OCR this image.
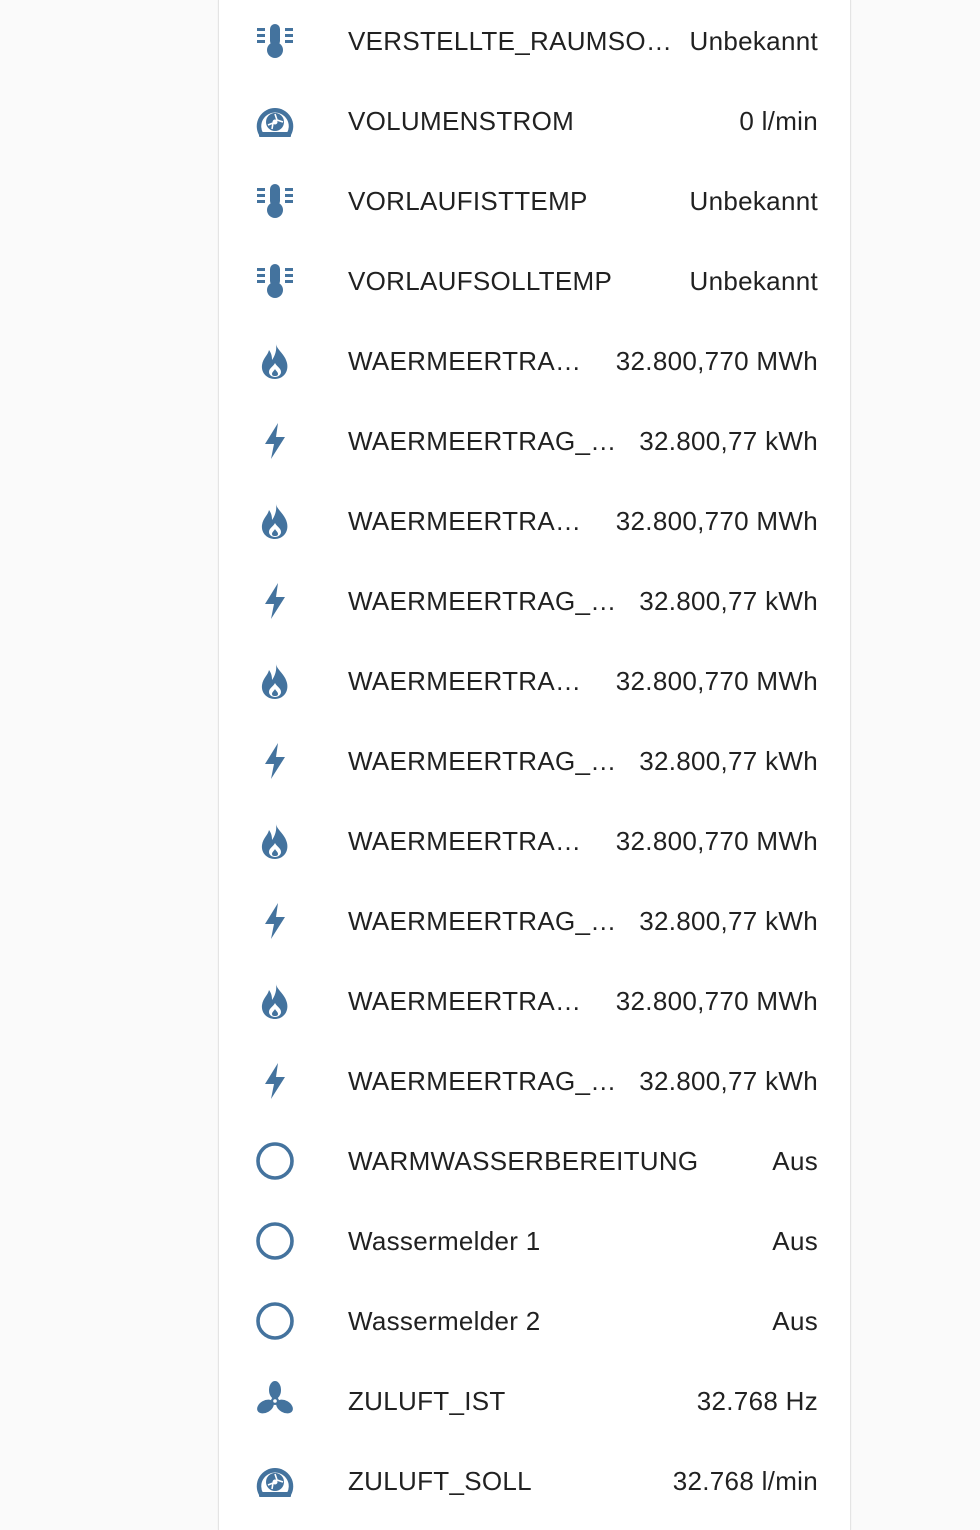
VERSTELLTE_RAUMSO… Unbekannt
VOLUMENSTROM	0 l/min
VORLAUFISTTEMP	Unbekannt
VORLAUFSOLLTEMP	Unbekannt
WAERMEERTRA… 32.800,770 MWh
WAERMEERTRAG_… 32.800,77 kWh
WAERMEERTRA… 32.800,770 MWh
WAERMEERTRAG_… 32.800,77 kWh
WAERMEERTRA… 32.800,770 MWh
WAERMEERTRAG_… 32.800,77 kWh
WAERMEERTRA… 32.800,770 MWh
WAERMEERTRAG_… 32.800,77 kWh
WAERMEERTRA… 32.800,770 MWh
WAERMEERTRAG_… 32.800,77 kWh
WARMWASSERBEREITUNG	Aus
Wassermelder 1	Aus
Wassermelder 2	Aus
ZULUFT_IST	32.768 Hz
ZULUFT_SOLL	32.768 l/min
